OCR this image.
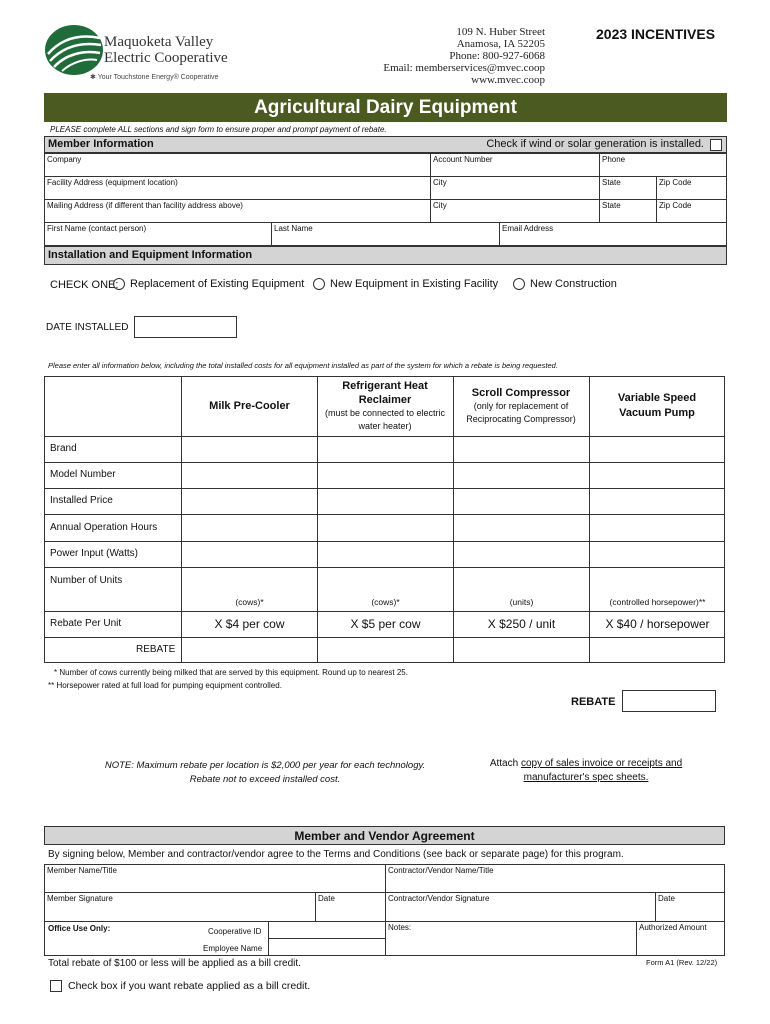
Maquoketa Valley
Electric Cooperative
✱ Your Touchstone Energy® Cooperative
109 N. Huber Street
Anamosa, IA 52205
Phone: 800-927-6068
Email: memberservices@mvec.coop
www.mvec.coop
2023 INCENTIVES
Agricultural Dairy Equipment
PLEASE complete ALL sections and sign form to ensure proper and prompt payment of rebate.
Member Information	Check if wind or solar generation is installed.
Company	Account Number	Phone
Facility Address (equipment location)	City	State	Zip Code
Mailing Address (if different than facility address above)	City	State	Zip Code
First Name (contact person)	Last Name	Email Address
Installation and Equipment Information
CHECK ONE:	Replacement of Existing Equipment	New Equipment in Existing Facility	New Construction
DATE INSTALLED
Please enter all information below, including the total installed costs for all equipment installed as part of the system for which a rebate is being requested.
Milk Pre-Cooler
Refrigerant Heat Reclaimer
(must be connected to electric water heater)
Scroll Compressor
(only for replacement of Reciprocating Compressor)
Variable Speed Vacuum Pump
Brand
Model Number
Installed Price
Annual Operation Hours
Power Input (Watts)
Number of Units
(cows)*	(cows)*	(units)	(controlled horsepower)**
Rebate Per Unit	X $4 per cow	X $5 per cow	X $250 / unit	X $40 / horsepower
REBATE
* Number of cows currently being milked that are served by this equipment. Round up to nearest 25.
** Horsepower rated at full load for pumping equipment controlled.
REBATE
NOTE: Maximum rebate per location is $2,000 per year for each technology.
Rebate not to exceed installed cost.
Attach copy of sales invoice or receipts and
manufacturer's spec sheets.
Member and Vendor Agreement
By signing below, Member and contractor/vendor agree to the Terms and Conditions (see back or separate page) for this program.
Member Name/Title	Contractor/Vendor Name/Title
Member Signature	Date	Contractor/Vendor Signature	Date
Office Use Only:	Cooperative ID
Employee Name
Notes:	Authorized Amount
Total rebate of $100 or less will be applied as a bill credit.	Form A1 (Rev. 12/22)
Check box if you want rebate applied as a bill credit.
